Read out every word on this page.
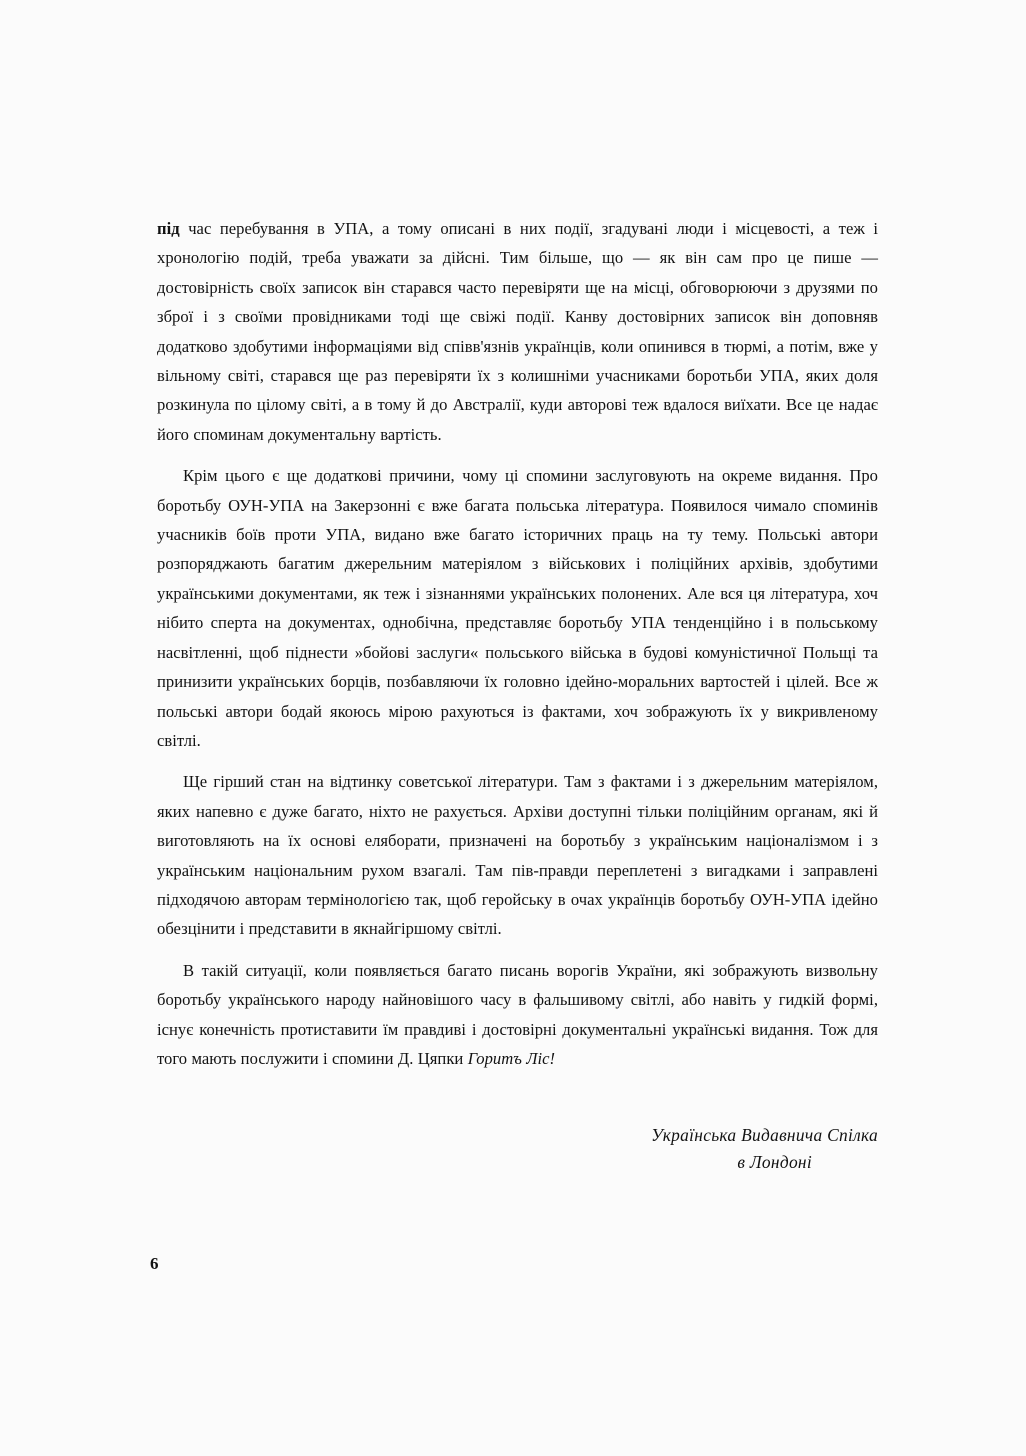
під час перебування в УПА, а тому описані в них події, згадувані люди і місцевості, а теж і хронологію подій, треба уважати за дійсні. Тим більше, що — як він сам про це пише — достовірність своїх записок він старався часто перевіряти ще на місці, обговорюючи з друзями по зброї і з своїми провідниками тоді ще свіжі події. Канву достовірних записок він доповняв додатково здобутими інформаціями від співв'язнів українців, коли опинився в тюрмі, а потім, вже у вільному світі, старався ще раз перевіряти їх з колишніми учасниками боротьби УПА, яких доля розкинула по цілому світі, а в тому й до Австралії, куди авторові теж вдалося виїхати. Все це надає його споминам документальну вартість.

Крім цього є ще додаткові причини, чому ці спомини заслуговують на окреме видання. Про боротьбу ОУН-УПА на Закерзонні є вже багата польська література. Появилося чимало споминів учасників боїв проти УПА, видано вже багато історичних праць на ту тему. Польські автори розпоряджають багатим джерельним матеріялом з військових і поліційних архівів, здобутими українськими документами, як теж і зізнаннями українських полонених. Але вся ця література, хоч нібито сперта на документах, однобічна, представляє боротьбу УПА тенденційно і в польському насвітленні, щоб піднести »бойові заслуги« польського війська в будові комуністичної Польщі та принизити українських борців, позбавляючи їх головно ідейно-моральних вартостей і цілей. Все ж польські автори бодай якоюсь мірою рахуються із фактами, хоч зображують їх у викривленому світлі.

Ще гірший стан на відтинку советської літератури. Там з фактами і з джерельним матеріялом, яких напевно є дуже багато, ніхто не рахується. Архіви доступні тільки поліційним органам, які й виготовляють на їх основі еляборати, призначені на боротьбу з українським націоналізмом і з українським національним рухом взагалі. Там пів-правди переплетені з вигадками і заправлені підходячою авторам термінологією так, щоб геройську в очах українців боротьбу ОУН-УПА ідейно обезцінити і представити в якнайгіршому світлі.

В такій ситуації, коли появляється багато писань ворогів України, які зображують визвольну боротьбу українського народу найновішого часу в фальшивому світлі, або навіть у гидкій формі, існує конечність протиставити їм правдиві і достовірні документальні українські видання. Тож для того мають послужити і спомини Д. Цяпки Горитъ Ліс!

Українська Видавнича Спілка
в Лондоні
6
